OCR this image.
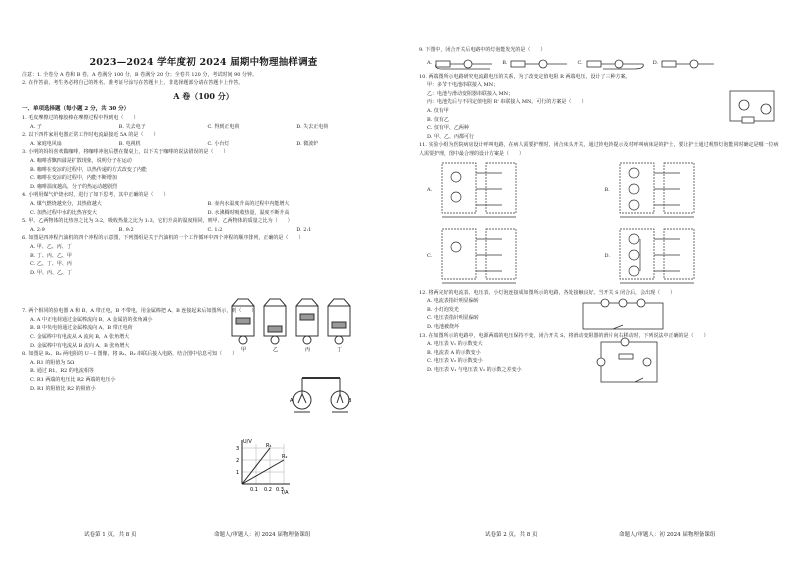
2023—2024 学年度初 2024 届期中物理抽样调查
注意：1. 全卷分 A 卷和 B 卷，A 卷满分 100 分，B 卷满分 20 分；全卷共 120 分，考试时间 90 分钟。
2. 在作答前，考生务必将自己的姓名、准考证号涂写在答题卡上，非选择题部分请在答题卡上作答。
A 卷（100 分）
一、单项选择题（每小题 2 分，共 30 分）
1. 毛皮摩擦过的橡胶棒在摩擦过程中得到电（　　）
A. 子	B. 失去电子	C. 得到正电荷	D. 失去正电荷
2. 以下四件家用电器正常工作时电流最接近 5A 的是（　　）
A. 家庭电风扇	B. 电视机	C. 小台灯	D. 微波炉
3. 小明的妈妈喜欢做咖啡，将咖啡冲泡后摆在餐桌上，以下关于咖啡的说法错误的是（　　）
A. 咖啡香飘四溢是扩散现象，说明分子在运动
B. 咖啡在变凉的过程中，以热传递的方式改变了内能
C. 咖啡在变凉的过程中，内能不断增加
D. 咖啡温度越高，分子的热运动越剧烈
4. 小明用煤气炉烧水时，进行了如下思考，其中正确的是（　　）
A. 煤气燃烧越充分，其热值越大	B. 壶内水温度升高的过程中内能增大
C. 加热过程中水的比热容变大	D. 水沸腾时吸收热量，温度不断升高
5. 甲、乙两物体的比热容之比为 3:2，吸收热量之比为 1:3，它们升高的温度相同，则甲、乙两物体的质量之比为（　　）
A. 2:9	B. 9:2	C. 1:2	D. 2:1
6. 如图是四冲程汽油机的四个冲程的示意图，下列图组是关于汽油机的一个工作循环中四个冲程的顺序排列，正确的是（　　）
A. 甲、乙、丙、丁
B. 丁、丙、乙、甲
C. 乙、丁、甲、丙
D. 甲、丙、乙、丁
7. 两个相同的验电器 A 和 B，A 带正电，B 不带电，用金属棒把 A、B 连接起来后如图所示，则（　　）
A. A 中正电荷通过金属棒流向 B，A 金属箔的张角减小
B. B 中负电荷通过金属棒流向 A，B 带正电荷
C. 金属棒中有电流从 A 流向 B，A 张角增大
D. 金属棒中有电流从 B 流向 A，B 张角增大
8. 如图是 R₁、R₂ 两电阻的 U－I 图像，将 R₁、R₂ 串联后接入电路，结合图中信息可知（　　）
A. R1 的阻值为 5Ω
B. 通过 R1、R2 的电流相等
C. R1 两端的电压比 R2 两端的电压小
D. R1 的阻值比 R2 的阻值小
甲	乙	丙	丁
A	B
U/V
I/A
R₁
R₂
3
2
1
0.1 0.2 0.3
试卷第 1 页，共 8 页	命题人/审题人：初 2024 届物理备课组
9. 下图中，闭合开关后电路中的灯泡能发光的是（　　）
A.	B.	C.	D.
10. 两端图所示电路研究电流跟电压的关系，为了改变定值电阻 R 两端电压，设计了三种方案。
甲：多节干电池串联接入 MN；
乙：电池与滑动变阻器串联接入 MN；
丙：电池先后与不同定值电阻 R' 串联接入 MN。可行的方案是（　　）
A. 仅有甲
B. 仅有乙
C. 仅有甲、乙两种
D. 甲、乙、丙都可行
11. 实验小组为医院病房设计呼叫电路，在病人需要护理时，闭合床头开关，通过铃电铃提示及对呼叫病床是的护士，要让护士通过观察灯泡能同时确定是哪一位病人需要护理，图中最合理的设计方案是（　　）
A.	B.
C.	D.
12. 将两完好的电流表、电压表、小灯泡连接成如图所示的电路，各处接触良好。当开关 S 闭合后，会出现（　　）
A. 电流表指针明显偏转
B. 小灯泡发光
C. 电压表指针明显偏转
D. 电池被烧坏
13. 在如图所示的电路中，电源两端的电压保持不变，闭合开关 S，将滑动变阻器的滑片向右移动时，下列说法中正确的是（　　）
A. 电压表 V₁ 的示数变大
B. 电流表 A 的示数变小
C. 电压表 V₂ 的示数变小
D. 电压表 V₁ 与电压表 V₂ 的示数之差变小
试卷第 2 页，共 8 页	命题人/审题人：初 2024 届物理备课组
